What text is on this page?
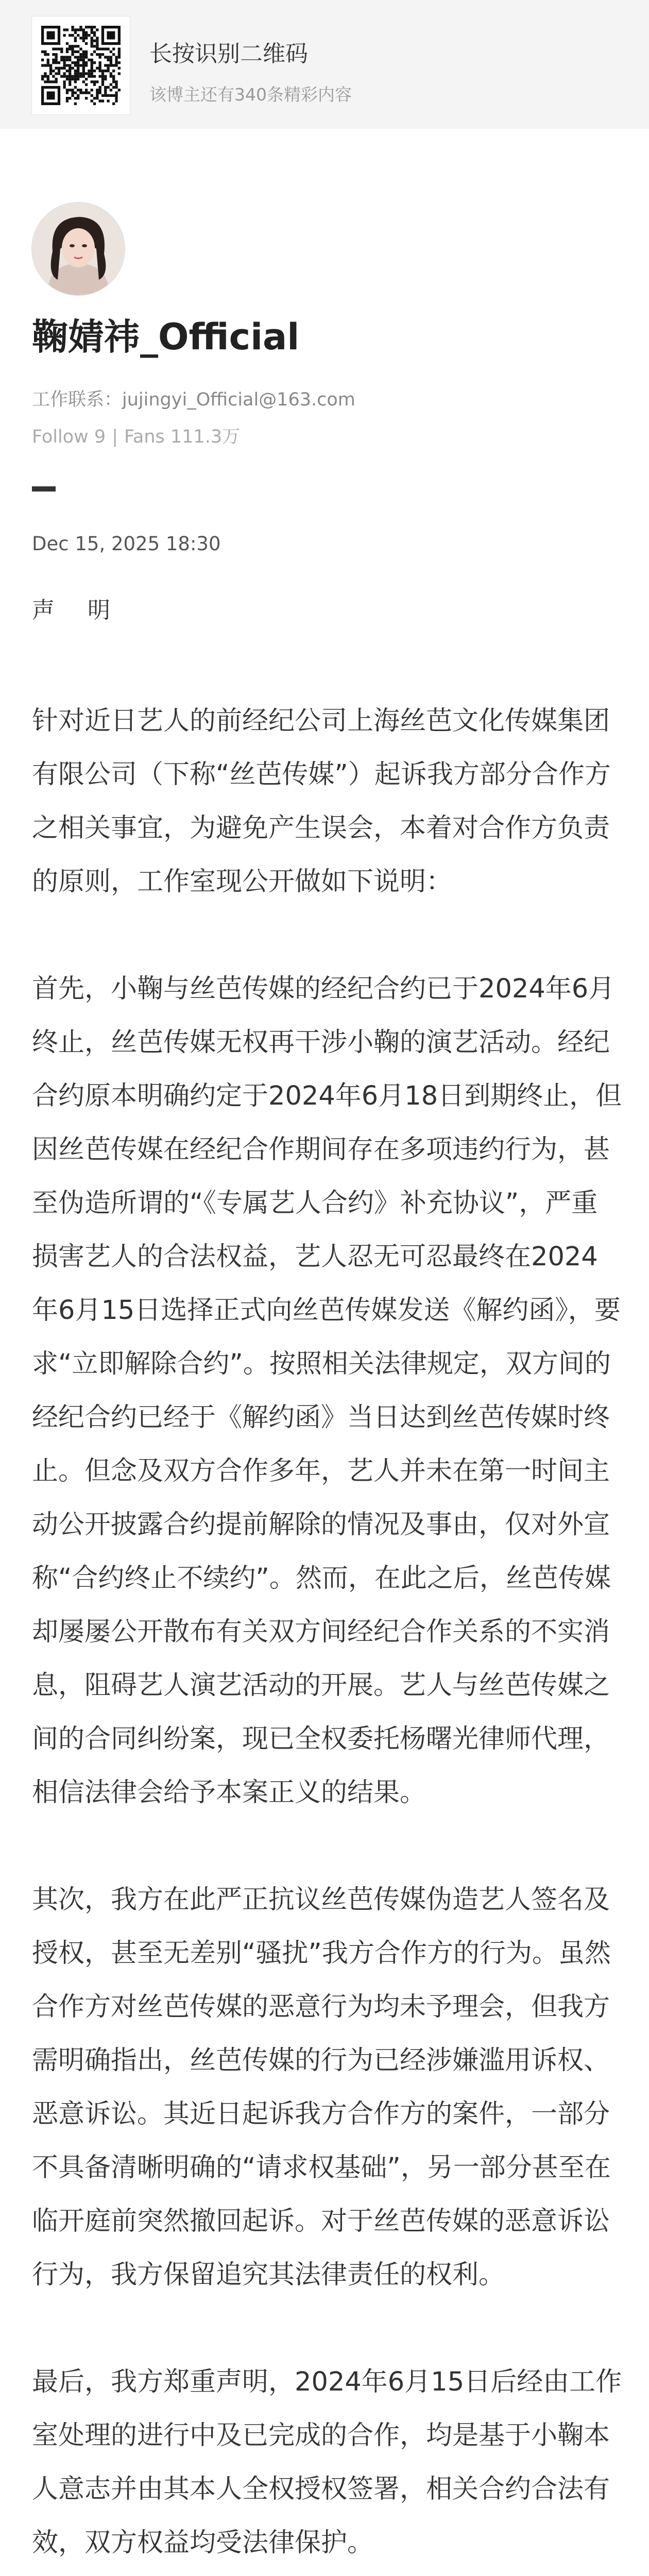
长按识别二维码
该博主还有340条精彩内容
鞠婧祎_Official
工作联系：jujingyi_Official@163.com
Follow 9 | Fans 111.3万
Dec 15, 2025 18:30
声　明

针对近日艺人的前经纪公司上海丝芭文化传媒集团有限公司（下称“丝芭传媒”）起诉我方部分合作方之相关事宜，为避免产生误会，本着对合作方负责的原则，工作室现公开做如下说明：

首先，小鞠与丝芭传媒的经纪合约已于2024年6月终止，丝芭传媒无权再干涉小鞠的演艺活动。经纪合约原本明确约定于2024年6月18日到期终止，但因丝芭传媒在经纪合作期间存在多项违约行为，甚至伪造所谓的“《专属艺人合约》补充协议”，严重损害艺人的合法权益，艺人忍无可忍最终在2024年6月15日选择正式向丝芭传媒发送《解约函》，要求“立即解除合约”。按照相关法律规定，双方间的经纪合约已经于《解约函》当日达到丝芭传媒时终止。但念及双方合作多年，艺人并未在第一时间主动公开披露合约提前解除的情况及事由，仅对外宣称“合约终止不续约”。然而，在此之后，丝芭传媒却屡屡公开散布有关双方间经纪合作关系的不实消息，阻碍艺人演艺活动的开展。艺人与丝芭传媒之间的合同纠纷案，现已全权委托杨曙光律师代理，相信法律会给予本案正义的结果。

其次，我方在此严正抗议丝芭传媒伪造艺人签名及授权，甚至无差别“骚扰”我方合作方的行为。虽然合作方对丝芭传媒的恶意行为均未予理会，但我方需明确指出，丝芭传媒的行为已经涉嫌滥用诉权、恶意诉讼。其近日起诉我方合作方的案件，一部分不具备清晰明确的“请求权基础”，另一部分甚至在临开庭前突然撤回起诉。对于丝芭传媒的恶意诉讼行为，我方保留追究其法律责任的权利。

最后，我方郑重声明，2024年6月15日后经由工作室处理的进行中及已完成的合作，均是基于小鞠本人意志并由其本人全权授权签署，相关合约合法有效，双方权益均受法律保护。
